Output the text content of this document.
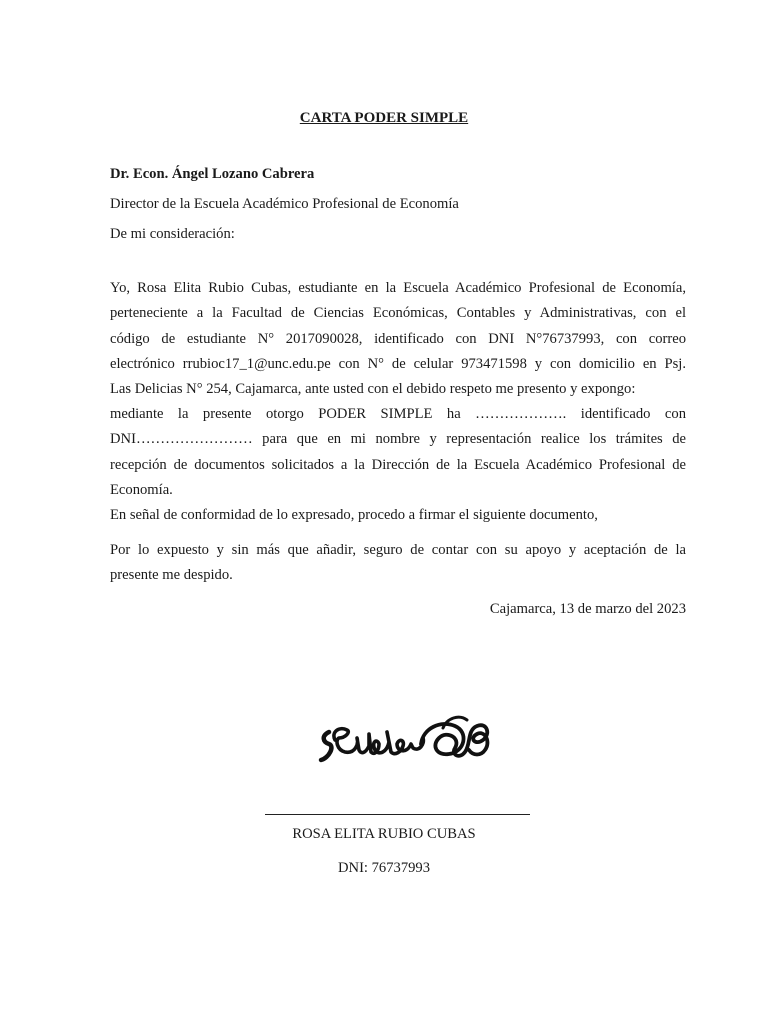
CARTA PODER SIMPLE
Dr. Econ. Ángel Lozano Cabrera
Director de la Escuela Académico Profesional de Economía
De mi consideración:
Yo, Rosa Elita Rubio Cubas, estudiante en la Escuela Académico Profesional de Economía,
perteneciente a la Facultad de Ciencias Económicas, Contables y Administrativas, con el
código de estudiante N° 2017090028, identificado con DNI N°76737993, con correo
electrónico rrubioc17_1@unc.edu.pe con N° de celular 973471598 y con domicilio en Psj.
Las Delicias N° 254, Cajamarca, ante usted con el debido respeto me presento y expongo:
mediante la presente otorgo PODER SIMPLE ha ………………. identificado con
DNI…………………… para que en mi nombre y representación realice los trámites de
recepción de documentos solicitados a la Dirección de la Escuela Académico Profesional de
Economía.
En señal de conformidad de lo expresado, procedo a firmar el siguiente documento,
Por lo expuesto y sin más que añadir, seguro de contar con su apoyo y aceptación de la
presente me despido.
Cajamarca, 13 de marzo del 2023
ROSA ELITA RUBIO CUBAS
DNI: 76737993
